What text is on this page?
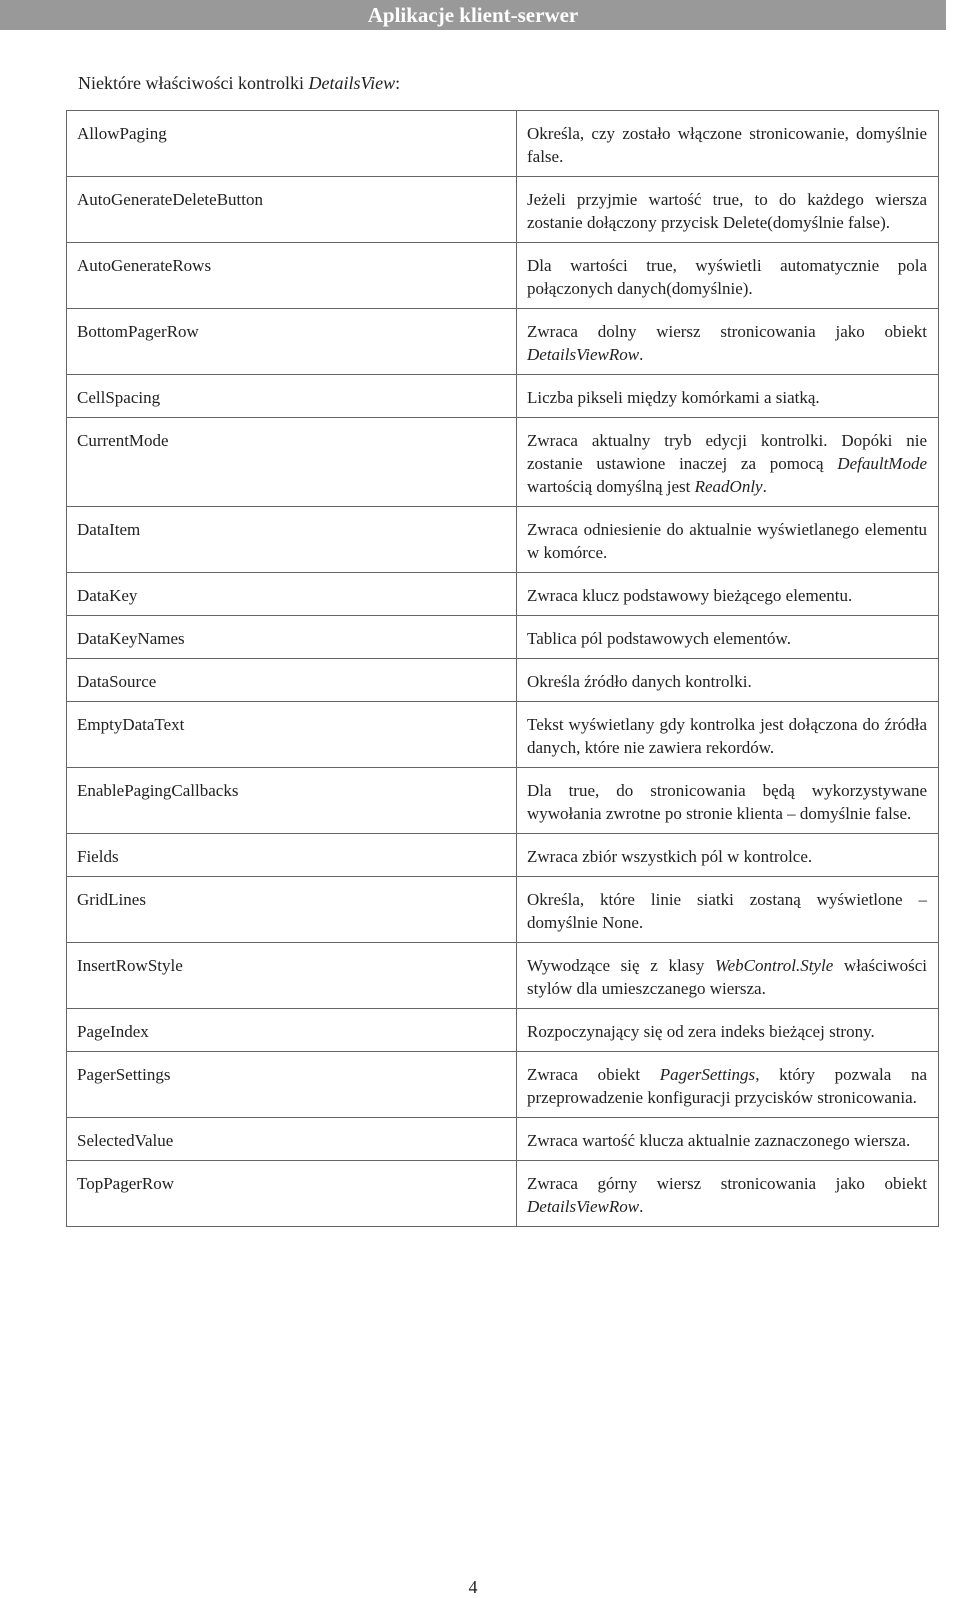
Aplikacje klient-serwer
Niektóre właściwości kontrolki DetailsView:
AllowPaging	Określa, czy zostało włączone stronicowanie, domyślnie false.
AutoGenerateDeleteButton	Jeżeli przyjmie wartość true, to do każdego wiersza zostanie dołączony przycisk Delete(domyślnie false).
AutoGenerateRows	Dla wartości true, wyświetli automatycznie pola połączonych danych(domyślnie).
BottomPagerRow	Zwraca dolny wiersz stronicowania jako obiekt DetailsViewRow.
CellSpacing	Liczba pikseli między komórkami a siatką.
CurrentMode	Zwraca aktualny tryb edycji kontrolki. Dopóki nie zostanie ustawione inaczej za pomocą DefaultMode wartością domyślną jest ReadOnly.
DataItem	Zwraca odniesienie do aktualnie wyświetlanego elementu w komórce.
DataKey	Zwraca klucz podstawowy bieżącego elementu.
DataKeyNames	Tablica pól podstawowych elementów.
DataSource	Określa źródło danych kontrolki.
EmptyDataText	Tekst wyświetlany gdy kontrolka jest dołączona do źródła danych, które nie zawiera rekordów.
EnablePagingCallbacks	Dla true, do stronicowania będą wykorzystywane wywołania zwrotne po stronie klienta – domyślnie false.
Fields	Zwraca zbiór wszystkich pól w kontrolce.
GridLines	Określa, które linie siatki zostaną wyświetlone – domyślnie None.
InsertRowStyle	Wywodzące się z klasy WebControl.Style właściwości stylów dla umieszczanego wiersza.
PageIndex	Rozpoczynający się od zera indeks bieżącej strony.
PagerSettings	Zwraca obiekt PagerSettings, który pozwala na przeprowadzenie konfiguracji przycisków stronicowania.
SelectedValue	Zwraca wartość klucza aktualnie zaznaczonego wiersza.
TopPagerRow	Zwraca górny wiersz stronicowania jako obiekt DetailsViewRow.
4
